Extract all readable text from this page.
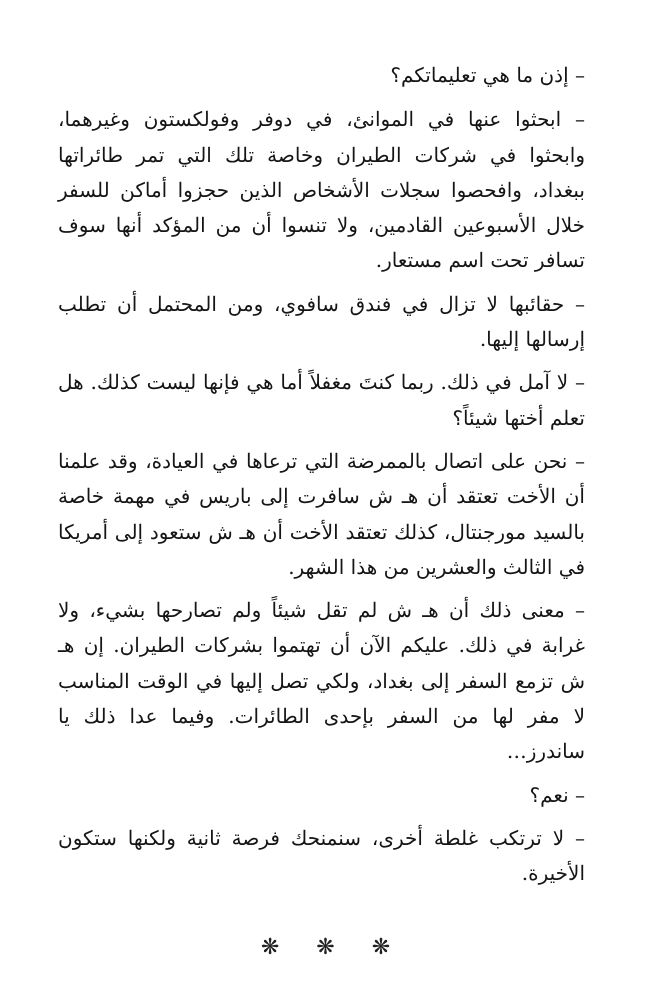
– إذن ما هي تعليماتكم؟

– ابحثوا عنها في الموانئ، في دوفر وفولكستون وغيرهما، وابحثوا في شركات الطيران وخاصة تلك التي تمر طائراتها ببغداد، وافحصوا سجلات الأشخاص الذين حجزوا أماكن للسفر خلال الأسبوعين القادمين، ولا تنسوا أن من المؤكد أنها سوف تسافر تحت اسم مستعار.

– حقائبها لا تزال في فندق سافوي، ومن المحتمل أن تطلب إرسالها إليها.

– لا آمل في ذلك. ربما كنتَ مغفلاً أما هي فإنها ليست كذلك. هل تعلم أختها شيئاً؟

– نحن على اتصال بالممرضة التي ترعاها في العيادة، وقد علمنا أن الأخت تعتقد أن هـ ش سافرت إلى باريس في مهمة خاصة بالسيد مورجنتال، كذلك تعتقد الأخت أن هـ ش ستعود إلى أمريكا في الثالث والعشرين من هذا الشهر.

– معنى ذلك أن هـ ش لم تقل شيئاً ولم تصارحها بشيء، ولا غرابة في ذلك. عليكم الآن أن تهتموا بشركات الطيران. إن هـ ش تزمع السفر إلى بغداد، ولكي تصل إليها في الوقت المناسب لا مفر لها من السفر بإحدى الطائرات. وفيما عدا ذلك يا ساندرز…

– نعم؟

– لا ترتكب غلطة أخرى، سنمنحك فرصة ثانية ولكنها ستكون الأخيرة.

❋ ❋ ❋
